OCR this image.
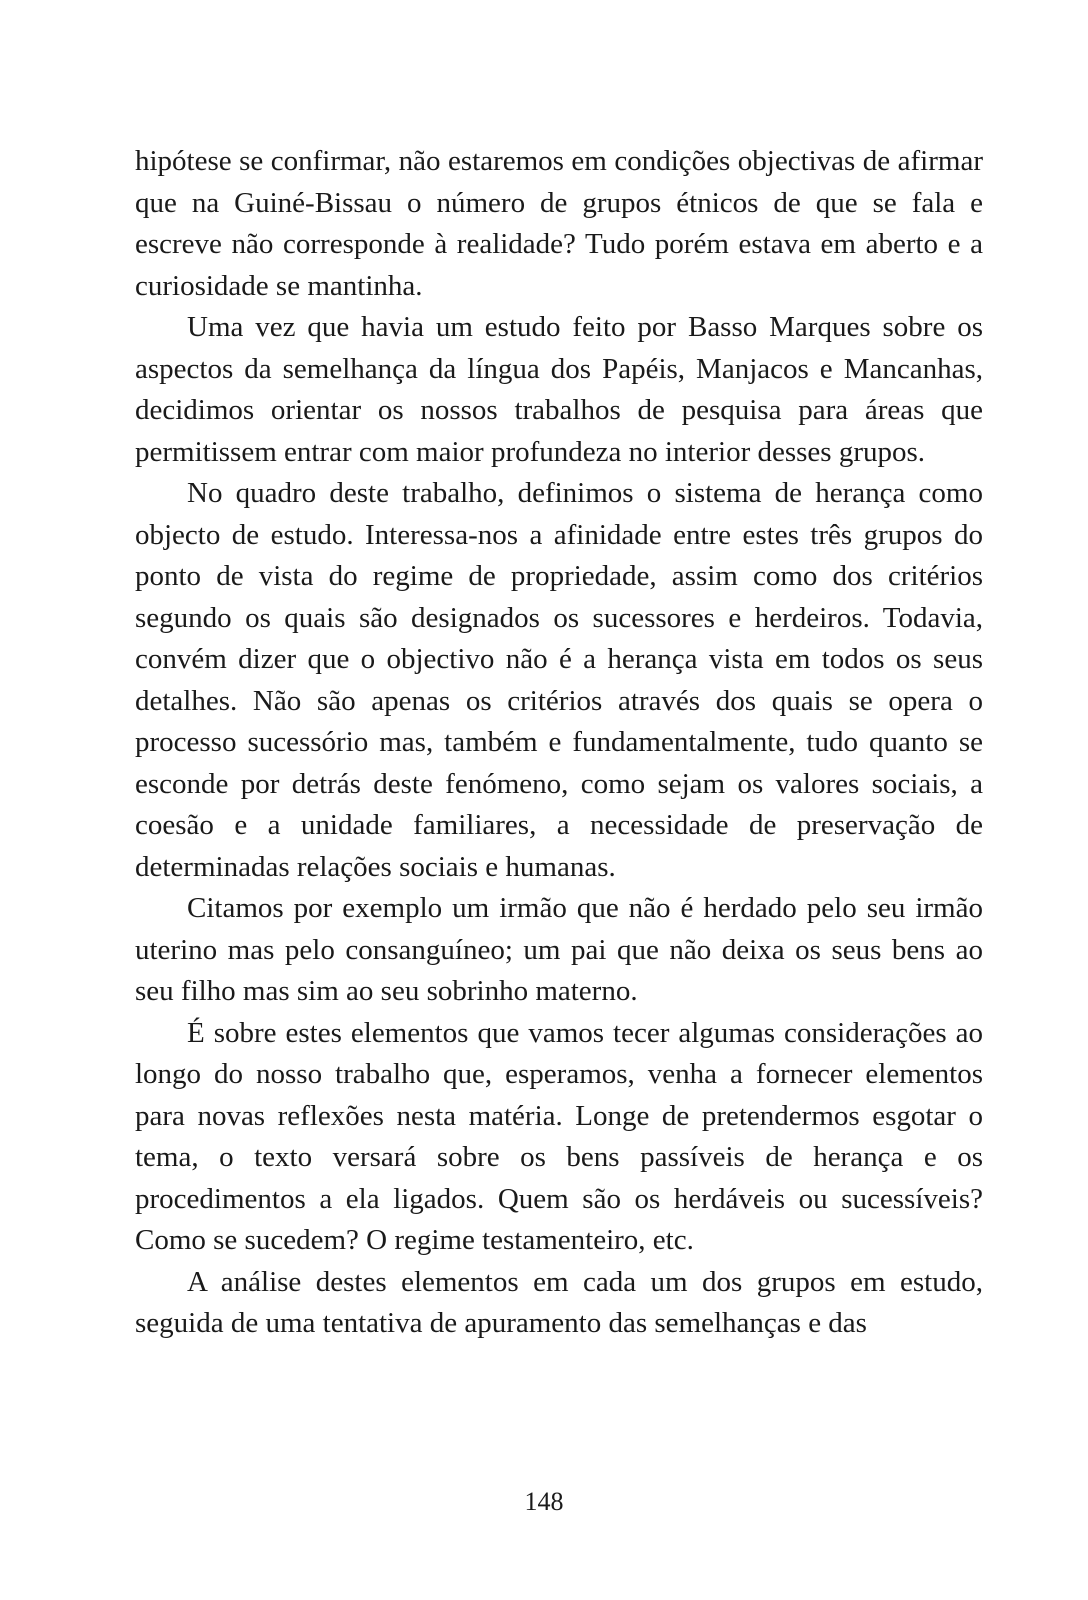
hipótese se confirmar, não estaremos em condições objectivas de afirmar que na Guiné-Bissau o número de grupos étnicos de que se fala e escreve não corresponde à realidade? Tudo porém estava em aberto e a curiosidade se mantinha.

Uma vez que havia um estudo feito por Basso Marques sobre os aspectos da semelhança da língua dos Papéis, Manjacos e Mancanhas, decidimos orientar os nossos trabalhos de pesquisa para áreas que permitissem entrar com maior profundeza no interior desses grupos.

No quadro deste trabalho, definimos o sistema de herança como objecto de estudo. Interessa-nos a afinidade entre estes três grupos do ponto de vista do regime de propriedade, assim como dos critérios segundo os quais são designados os sucessores e herdeiros. Todavia, convém dizer que o objectivo não é a herança vista em todos os seus detalhes. Não são apenas os critérios através dos quais se opera o processo sucessório mas, também e fundamentalmente, tudo quanto se esconde por detrás deste fenómeno, como sejam os valores sociais, a coesão e a unidade familiares, a necessidade de preservação de determinadas relações sociais e humanas.

Citamos por exemplo um irmão que não é herdado pelo seu irmão uterino mas pelo consanguíneo; um pai que não deixa os seus bens ao seu filho mas sim ao seu sobrinho materno.

É sobre estes elementos que vamos tecer algumas considerações ao longo do nosso trabalho que, esperamos, venha a fornecer elementos para novas reflexões nesta matéria. Longe de pretendermos esgotar o tema, o texto versará sobre os bens passíveis de herança e os procedimentos a ela ligados. Quem são os herdáveis ou sucessíveis? Como se sucedem? O regime testamenteiro, etc.

A análise destes elementos em cada um dos grupos em estudo, seguida de uma tentativa de apuramento das semelhanças e das

148
